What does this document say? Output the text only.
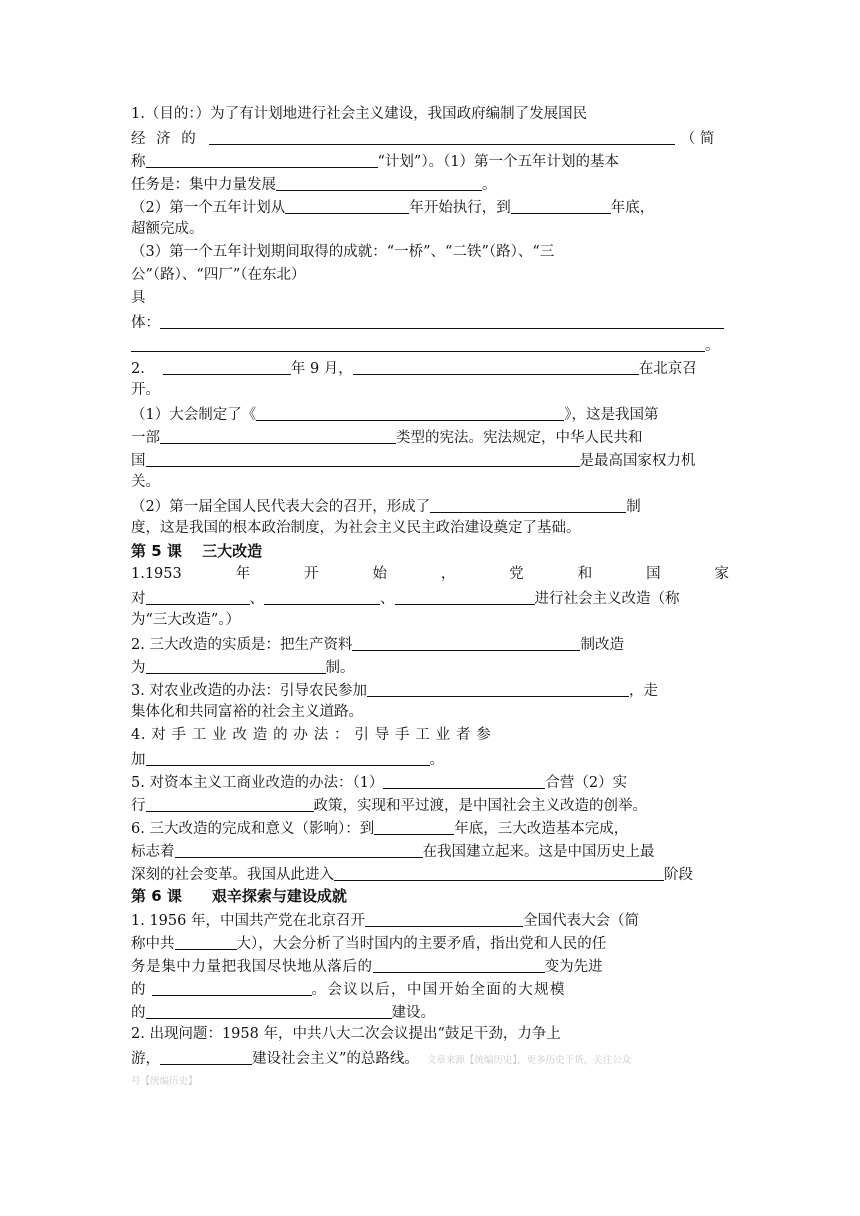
1.（目的：）为了有计划地进行社会主义建设，我国政府编制了发展国民
经 济 的	（ 简
称	“计划”）。（1）第一个五年计划的基本
任务是：集中力量发展	。
（2）第一个五年计划从	年开始执行，到	年底，
超额完成。
（3）第一个五年计划期间取得的成就：“一桥”、“二铁”（路）、“三
公”（路）、“四厂”（在东北）
具
体：
。
2.	年 9 月，	在北京召
开。
（1）大会制定了《	》，这是我国第
一部	类型的宪法。宪法规定，中华人民共和
国	是最高国家权力机
关。
（2）第一届全国人民代表大会的召开，形成了	制
度，这是我国的根本政治制度，为社会主义民主政治建设奠定了基础。
第 5 课　 三大改造
1.1953	年	开	始	，	党	和	国	家
对	、	、	进行社会主义改造（称
为“三大改造”。）
2. 三大改造的实质是：把生产资料	制改造
为	制。
3. 对农业改造的办法：引导农民参加	，走
集体化和共同富裕的社会主义道路。
4. 对 手 工 业 改 造 的 办 法 ： 引 导 手 工 业 者 参
加	。
5. 对资本主义工商业改造的办法：（1）	合营（2）实
行	政策，实现和平过渡，是中国社会主义改造的创举。
6. 三大改造的完成和意义（影响）：到	年底，三大改造基本完成，
标志着	在我国建立起来。这是中国历史上最
深刻的社会变革。我国从此进入	阶段
第 6 课　　艰辛探索与建设成就
1. 1956 年，中国共产党在北京召开	全国代表大会（简
称中共	大），大会分析了当时国内的主要矛盾，指出党和人民的任
务是集中力量把我国尽快地从落后的	变为先进
的	。会议以后，中国开始全面的大规模
的	建设。
2. 出现问题：1958 年，中共八大二次会议提出“鼓足干劲，力争上
游，	建设社会主义”的总路线。 文章来源【统编历史】，更多历史干货，关注公众
号【统编历史】
